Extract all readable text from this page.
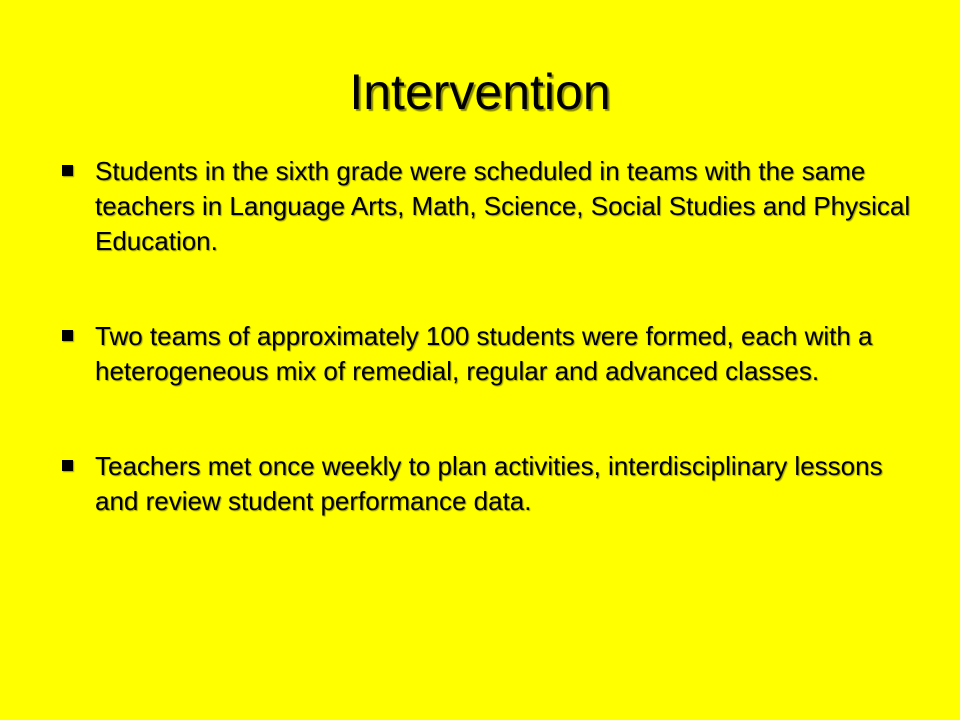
Intervention
Students in the sixth grade were scheduled in teams with the same teachers in Language Arts, Math, Science, Social Studies and Physical Education.
Two teams of approximately 100 students were formed, each with a heterogeneous mix of remedial, regular and advanced classes.
Teachers met once weekly to plan activities, interdisciplinary lessons and review student performance data.
